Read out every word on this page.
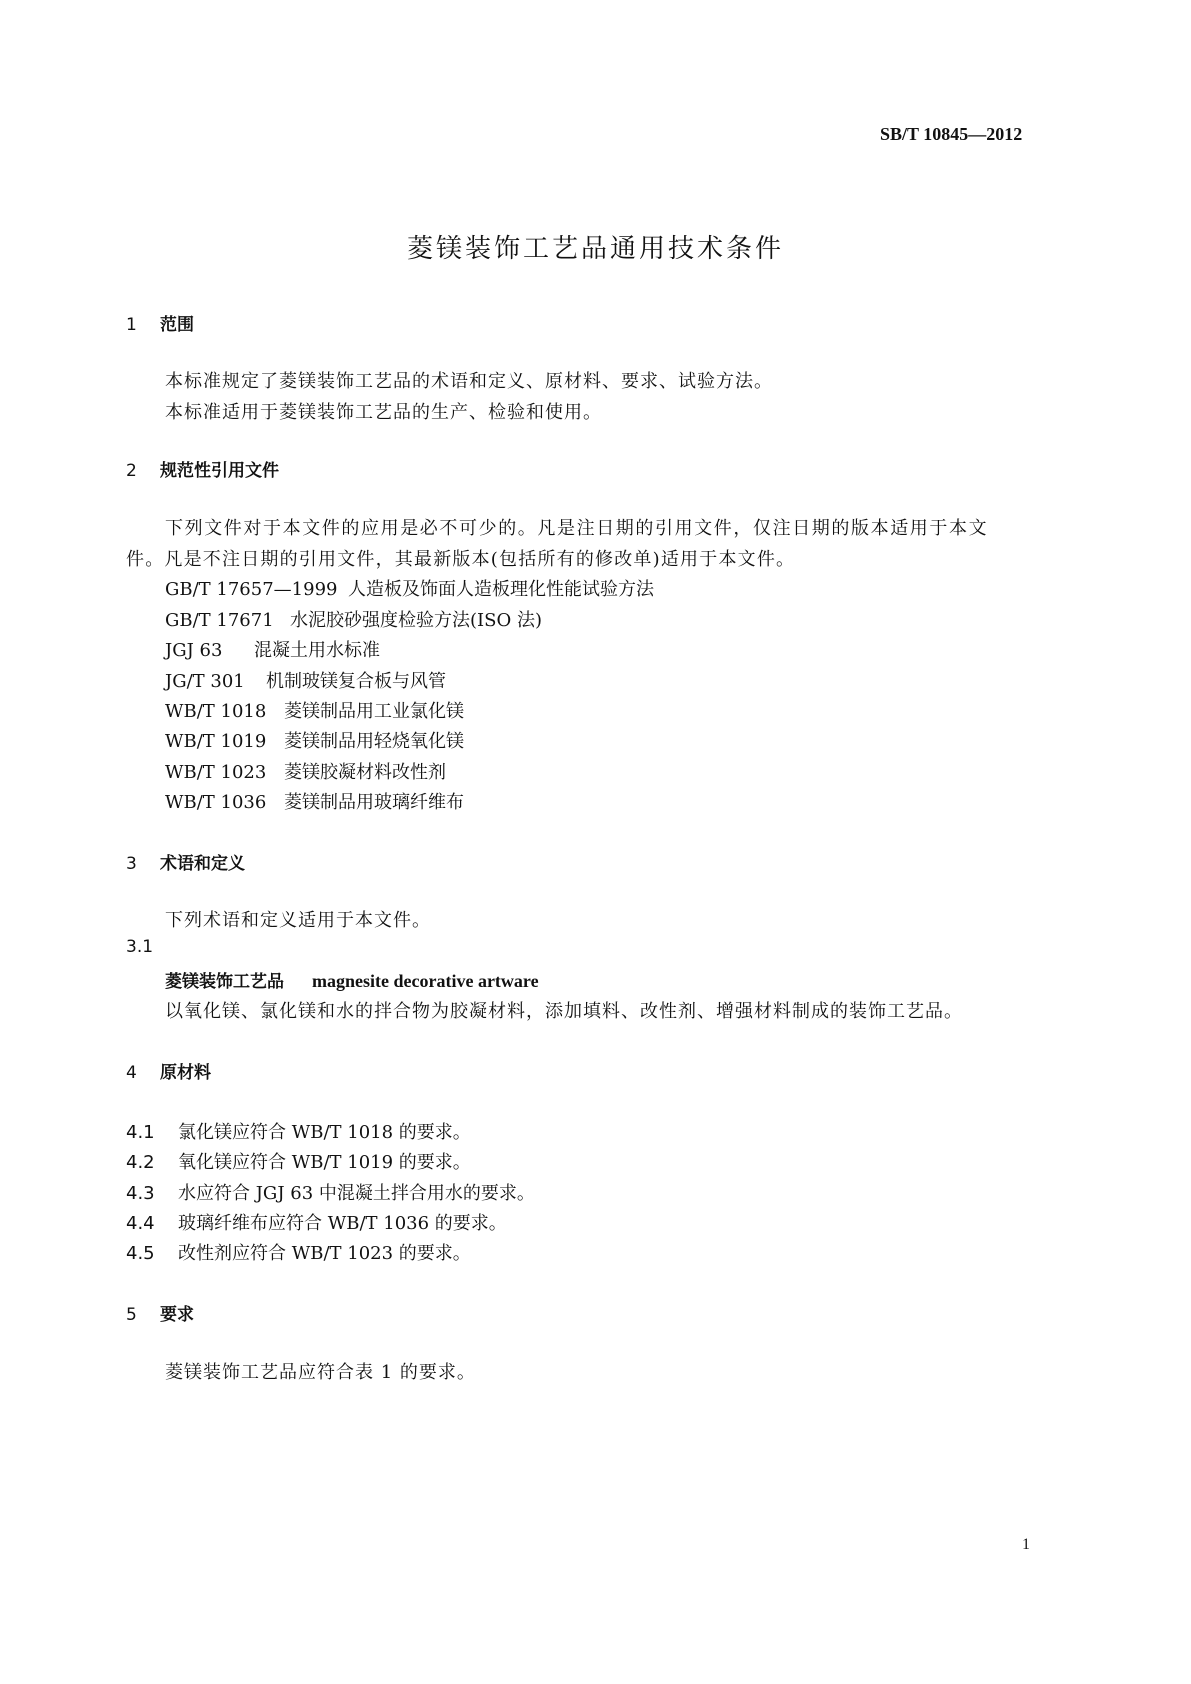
SB/T 10845—2012
菱镁装饰工艺品通用技术条件
1 范围
本标准规定了菱镁装饰工艺品的术语和定义、原材料、要求、试验方法。
本标准适用于菱镁装饰工艺品的生产、检验和使用。
2 规范性引用文件
下列文件对于本文件的应用是必不可少的。凡是注日期的引用文件，仅注日期的版本适用于本文
件。凡是不注日期的引用文件，其最新版本(包括所有的修改单)适用于本文件。
GB/T 17657—1999 人造板及饰面人造板理化性能试验方法
GB/T 17671 水泥胶砂强度检验方法(ISO 法)
JGJ 63 混凝土用水标准
JG/T 301 机制玻镁复合板与风管
WB/T 1018 菱镁制品用工业氯化镁
WB/T 1019 菱镁制品用轻烧氧化镁
WB/T 1023 菱镁胶凝材料改性剂
WB/T 1036 菱镁制品用玻璃纤维布
3 术语和定义
下列术语和定义适用于本文件。
3.1
菱镁装饰工艺品 magnesite decorative artware
以氧化镁、氯化镁和水的拌合物为胶凝材料，添加填料、改性剂、增强材料制成的装饰工艺品。
4 原材料
4.1 氯化镁应符合 WB/T 1018 的要求。
4.2 氧化镁应符合 WB/T 1019 的要求。
4.3 水应符合 JGJ 63 中混凝土拌合用水的要求。
4.4 玻璃纤维布应符合 WB/T 1036 的要求。
4.5 改性剂应符合 WB/T 1023 的要求。
5 要求
菱镁装饰工艺品应符合表 1 的要求。
1
